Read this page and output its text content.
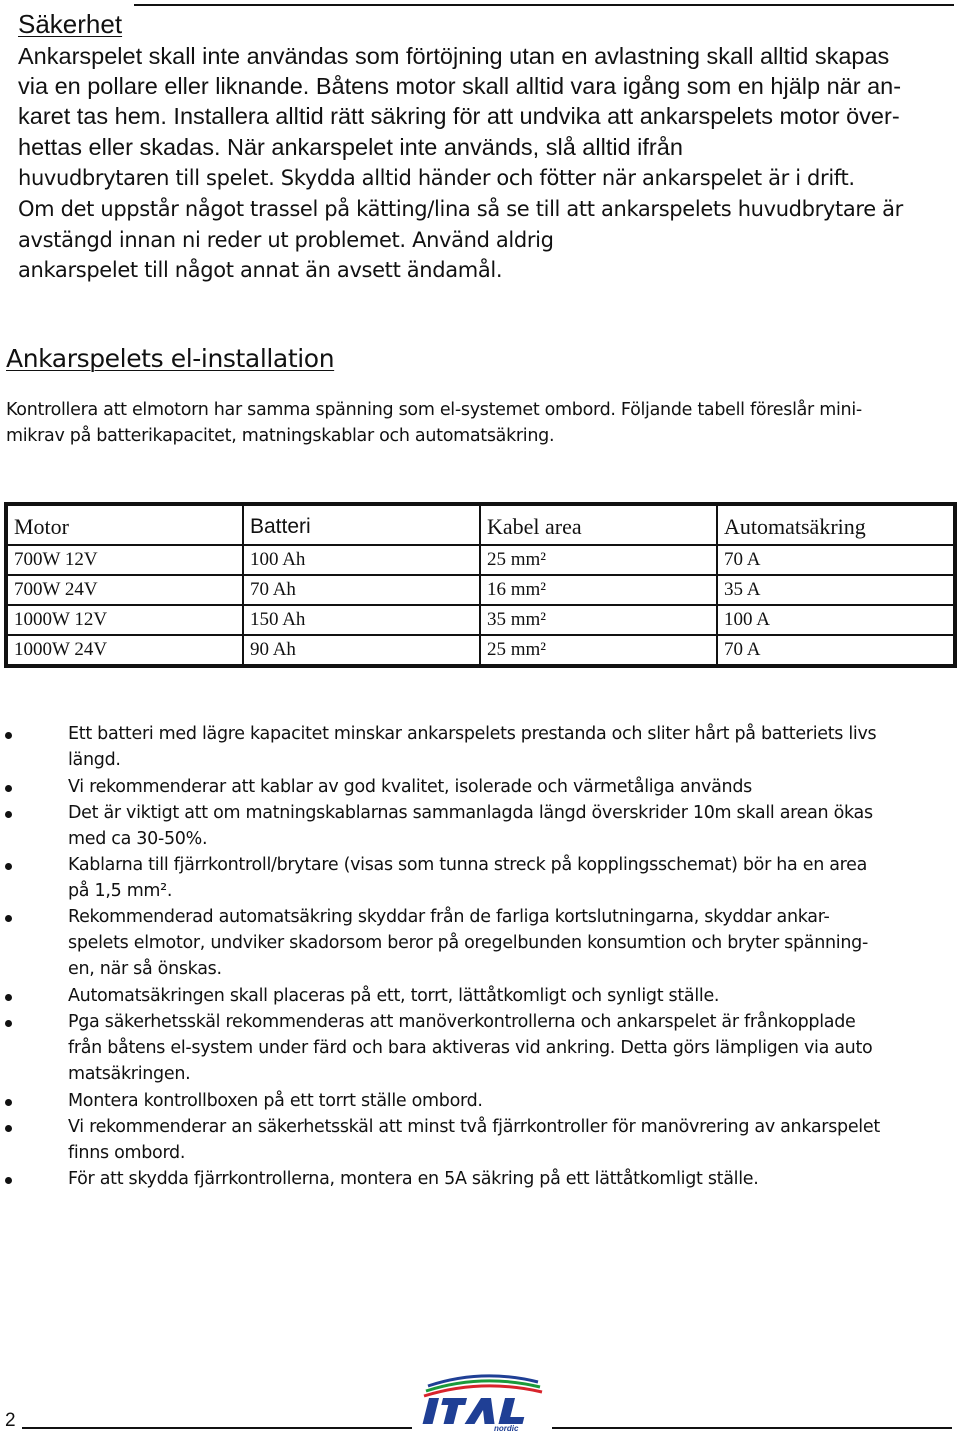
Säkerhet
Ankarspelet skall inte användas som förtöjning utan en avlastning skall alltid skapas
via en pollare eller liknande. Båtens motor skall alltid vara igång som en hjälp när an-
karet tas hem. Installera alltid rätt säkring för att undvika att ankarspelets motor över-
hettas eller skadas. När ankarspelet inte används, slå alltid ifrån
huvudbrytaren till spelet. Skydda alltid händer och fötter när ankarspelet är i drift.
Om det uppstår något trassel på kätting/lina så se till att ankarspelets huvudbrytare är
avstängd innan ni reder ut problemet. Använd aldrig
ankarspelet till något annat än avsett ändamål.
Ankarspelets el-installation
Kontrollera att elmotorn har samma spänning som el-systemet ombord. Följande tabell föreslår mini-
mikrav på batterikapacitet, matningskablar och automatsäkring.
Motor	Batteri	Kabel area	Automatsäkring
700W 12V	100 Ah	25 mm²	70 A
700W 24V	70 Ah	16 mm²	35 A
1000W 12V	150 Ah	35 mm²	100 A
1000W 24V	90 Ah	25 mm²	70 A
Ett batteri med lägre kapacitet minskar ankarspelets prestanda och sliter hårt på batteriets livs
längd.
Vi rekommenderar att kablar av god kvalitet, isolerade och värmetåliga används
Det är viktigt att om matningskablarnas sammanlagda längd överskrider 10m skall arean ökas
med ca 30-50%.
Kablarna till fjärrkontroll/brytare (visas som tunna streck på kopplingsschemat) bör ha en area
på 1,5 mm².
Rekommenderad automatsäkring skyddar från de farliga kortslutningarna, skyddar ankar-
spelets elmotor, undviker skadorsom beror på oregelbunden konsumtion och bryter spänning-
en, när så önskas.
Automatsäkringen skall placeras på ett, torrt, lättåtkomligt och synligt ställe.
Pga säkerhetsskäl rekommenderas att manöverkontrollerna och ankarspelet är frånkopplade
från båtens el-system under färd och bara aktiveras vid ankring. Detta görs lämpligen via auto
matsäkringen.
Montera kontrollboxen på ett torrt ställe ombord.
Vi rekommenderar an säkerhetsskäl att minst två fjärrkontroller för manövrering av ankarspelet
finns ombord.
För att skydda fjärrkontrollerna, montera en 5A säkring på ett lättåtkomligt ställe.
2	nordic
